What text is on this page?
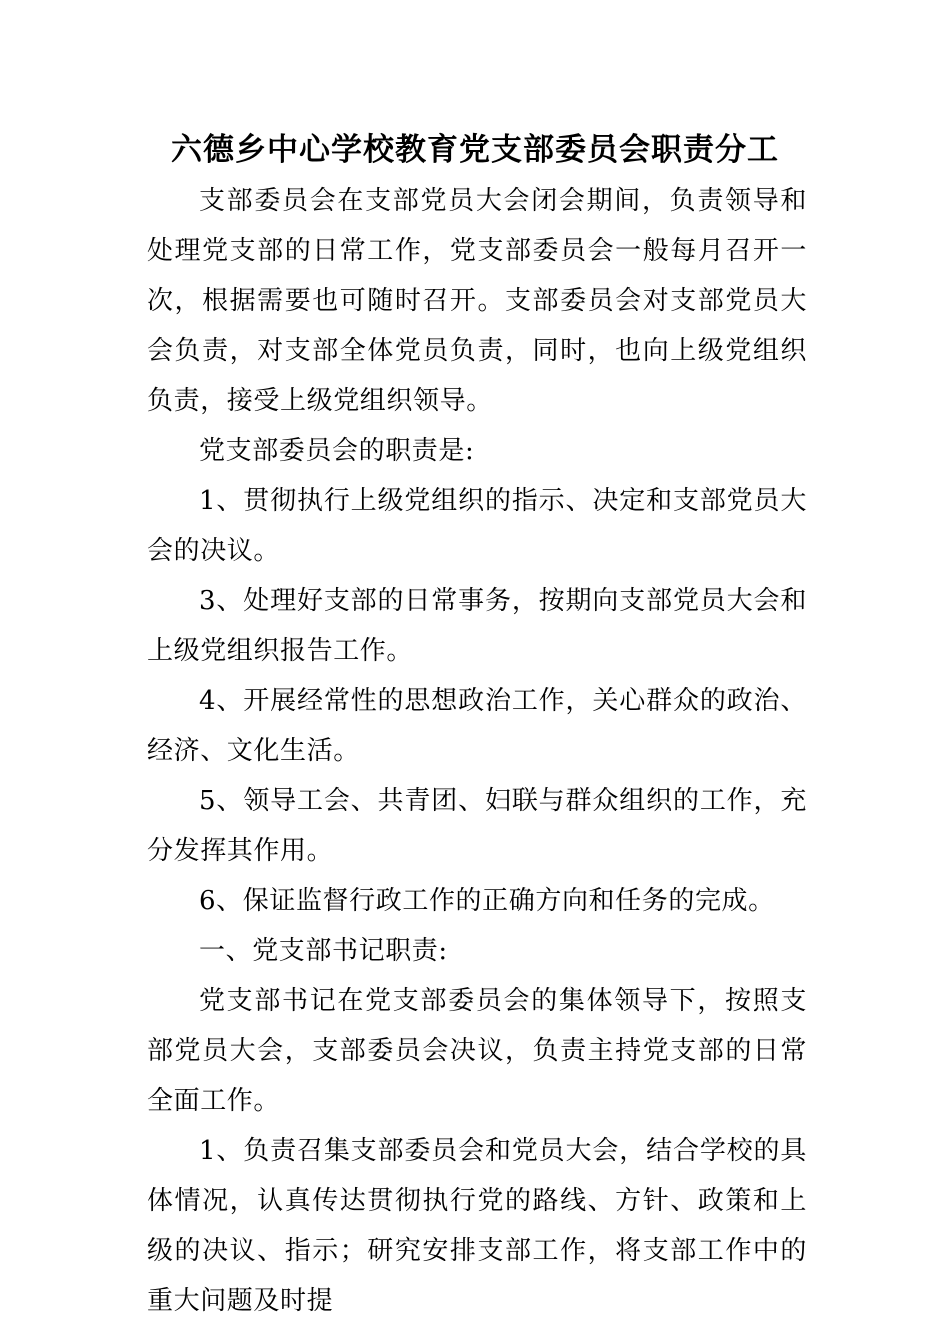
六德乡中心学校教育党支部委员会职责分工

支部委员会在支部党员大会闭会期间，负责领导和处理党支部的日常工作，党支部委员会一般每月召开一次，根据需要也可随时召开。支部委员会对支部党员大会负责，对支部全体党员负责，同时，也向上级党组织负责，接受上级党组织领导。

党支部委员会的职责是:

1、贯彻执行上级党组织的指示、决定和支部党员大会的决议。

3、处理好支部的日常事务，按期向支部党员大会和上级党组织报告工作。

4、开展经常性的思想政治工作，关心群众的政治、经济、文化生活。

5、领导工会、共青团、妇联与群众组织的工作，充分发挥其作用。

6、保证监督行政工作的正确方向和任务的完成。

一、党支部书记职责:

党支部书记在党支部委员会的集体领导下，按照支部党员大会，支部委员会决议，负责主持党支部的日常全面工作。

1、负责召集支部委员会和党员大会，结合学校的具体情况，认真传达贯彻执行党的路线、方针、政策和上级的决议、指示；研究安排支部工作，将支部工作中的重大问题及时提
